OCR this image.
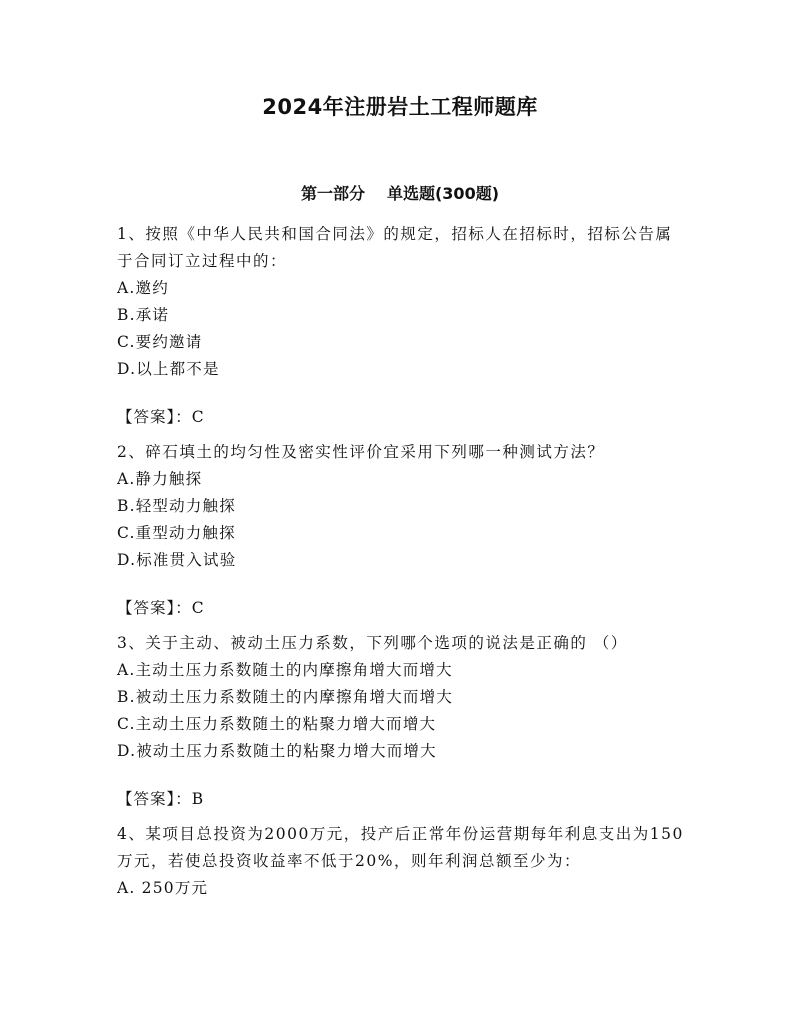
2024年注册岩土工程师题库
第一部分 单选题(300题)

1、按照《中华人民共和国合同法》的规定，招标人在招标时，招标公告属于合同订立过程中的：

A.邀约
B.承诺
C.要约邀请
D.以上都不是

【答案】：C

2、碎石填土的均匀性及密实性评价宜采用下列哪一种测试方法？

A.静力触探
B.轻型动力触探
C.重型动力触探
D.标准贯入试验

【答案】：C

3、关于主动、被动土压力系数，下列哪个选项的说法是正确的 （）

A.主动土压力系数随土的内摩擦角增大而增大
B.被动土压力系数随土的内摩擦角增大而增大
C.主动土压力系数随土的粘聚力增大而增大
D.被动土压力系数随土的粘聚力增大而增大

【答案】：B

4、某项目总投资为2000万元，投产后正常年份运营期每年利息支出为150万元，若使总投资收益率不低于20%，则年利润总额至少为：

A. 250万元
